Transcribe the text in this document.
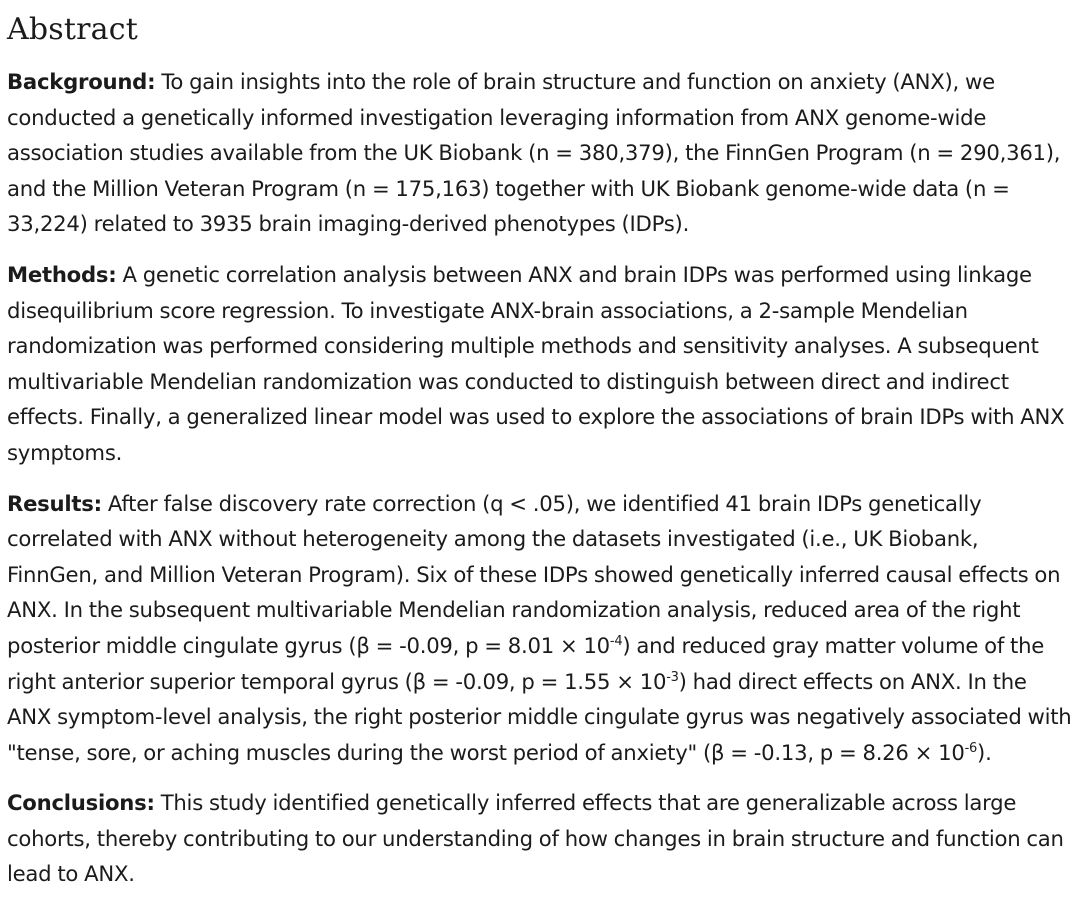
Abstract

Background: To gain insights into the role of brain structure and function on anxiety (ANX), we conducted a genetically informed investigation leveraging information from ANX genome-wide association studies available from the UK Biobank (n = 380,379), the FinnGen Program (n = 290,361), and the Million Veteran Program (n = 175,163) together with UK Biobank genome-wide data (n = 33,224) related to 3935 brain imaging-derived phenotypes (IDPs).

Methods: A genetic correlation analysis between ANX and brain IDPs was performed using linkage disequilibrium score regression. To investigate ANX-brain associations, a 2-sample Mendelian randomization was performed considering multiple methods and sensitivity analyses. A subsequent multivariable Mendelian randomization was conducted to distinguish between direct and indirect effects. Finally, a generalized linear model was used to explore the associations of brain IDPs with ANX symptoms.

Results: After false discovery rate correction (q < .05), we identified 41 brain IDPs genetically correlated with ANX without heterogeneity among the datasets investigated (i.e., UK Biobank, FinnGen, and Million Veteran Program). Six of these IDPs showed genetically inferred causal effects on ANX. In the subsequent multivariable Mendelian randomization analysis, reduced area of the right posterior middle cingulate gyrus (β = -0.09, $p = 8.01 \times 10^{-4}$) and reduced gray matter volume of the right anterior superior temporal gyrus (β = -0.09, $p = 1.55 \times 10^{-3}$) had direct effects on ANX. In the ANX symptom-level analysis, the right posterior middle cingulate gyrus was negatively associated with "tense, sore, or aching muscles during the worst period of anxiety" (β = -0.13, $p = 8.26 \times 10^{-6}$).

Conclusions: This study identified genetically inferred effects that are generalizable across large cohorts, thereby contributing to our understanding of how changes in brain structure and function can lead to ANX.
